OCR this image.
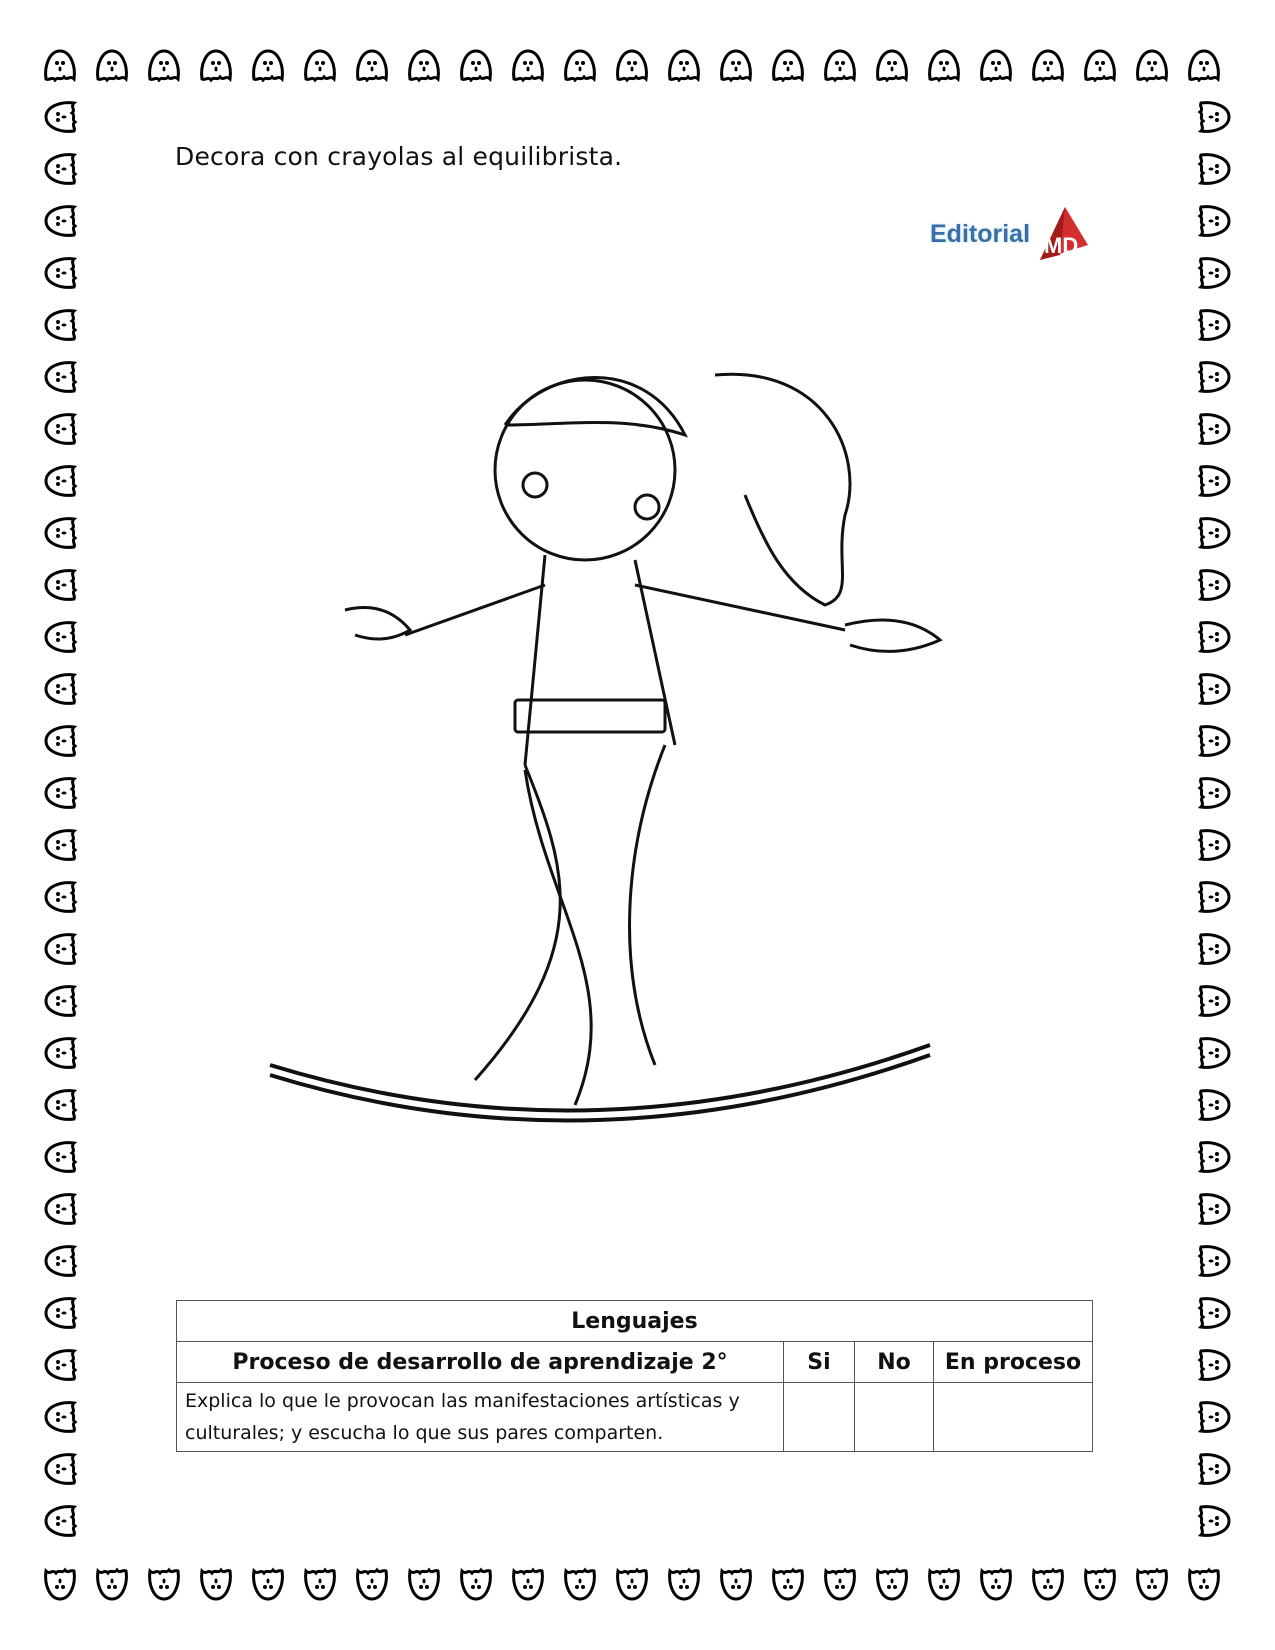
Decora con crayolas al equilibrista.
Editorial MD
Lenguajes			
Proceso de desarrollo de aprendizaje 2°	Si	No	En proceso
Explica lo que le provocan las manifestaciones artísticas y culturales; y escucha lo que sus pares comparten.			
